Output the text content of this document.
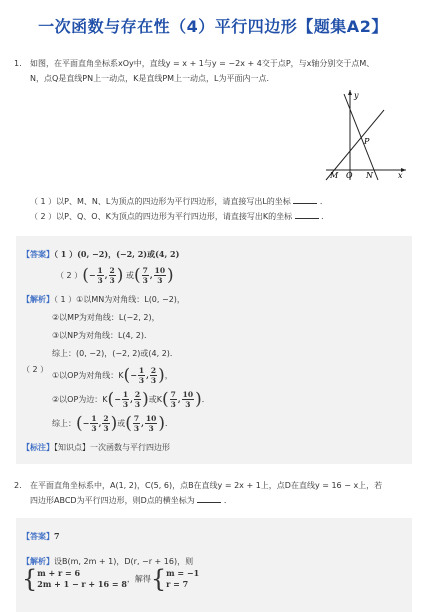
一次函数与存在性（4）平行四边形【题集A2】
1. 如图，在平面直角坐标系xOy中，直线y = x + 1与y = −2x + 4交于点P，与x轴分别交于点M、
N，点Q是直线PN上一动点，K是直线PM上一动点，L为平面内一点．
y
x
P
M O N
（ 1 ）以P、M、N、L为顶点的四边形为平行四边形，请直接写出L的坐标	．
（ 2 ）以P、Q、O、K为顶点的四边形为平行四边形，请直接写出K的坐标	．
【答案】（ 1 ）(0, −2)，(−2, 2)或(4, 2)
（ 2 ）(− $\frac{1}{3}$ , $\frac{2}{3}$ ) 或( $\frac{7}{3}$ , $\frac{10}{3}$ )
【解析】（ 1 ）①以MN为对角线：L(0, −2)，
②以MP为对角线：L(−2, 2)，
③以NP为对角线：L(4, 2)．
综上：(0, −2)，(−2, 2)或(4, 2)．
（ 2 ）
①以OP为对角线：$K(- \frac{1}{3}$ , $\frac{2}{3}$ )，
②以OP为边：$K(- \frac{1}{3}$ , $\frac{2}{3}$ )或$K( \frac{7}{3}$ , $\frac{10}{3}$ )．
综上：(− $\frac{1}{3}$ , $\frac{2}{3}$ )或( $\frac{7}{3}$ , $\frac{10}{3}$ )．
【标注】【知识点】一次函数与平行四边形
2. 在平面直角坐标系中，A(1, 2)，C(5, 6)，点B在直线y = 2x + 1上，点D在直线y = 16 − x上，若
四边形ABCD为平行四边形，则D点的横坐标为	．
【答案】7
【解析】设B(m, 2m + 1)，D(r, −r + 16)，则
{ m + r = 6
2m + 1 − r + 16 = 8 ，解得{ m = −1
r = 7
